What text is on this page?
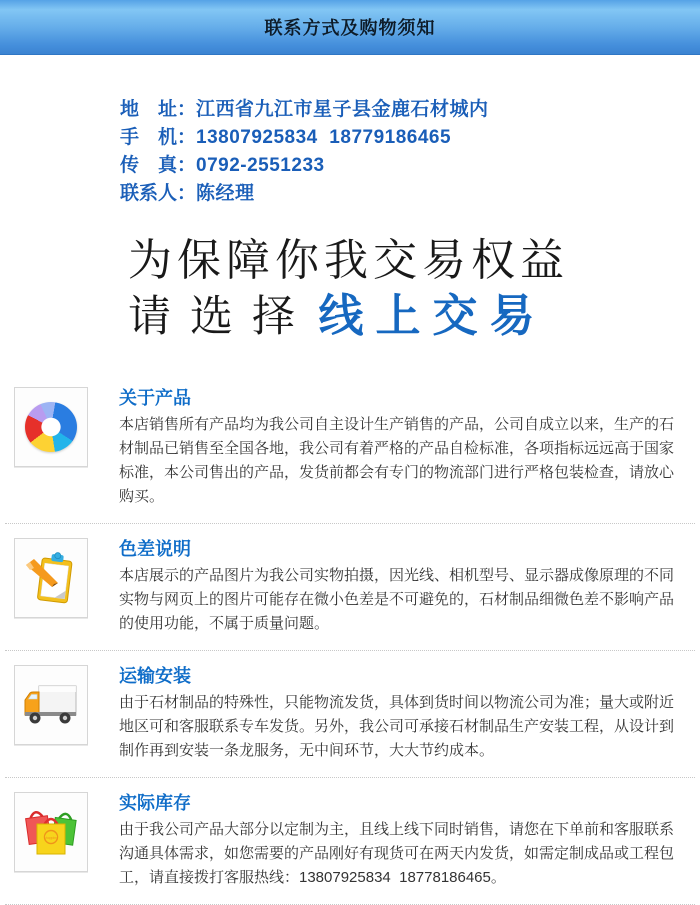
联系方式及购物须知
地　址： 江西省九江市星子县金鹿石材城内
手　机： 13807925834  18779186465
传　真： 0792-2551233
联系人： 陈经理
为保障你我交易权益
请选择 线上交易
关于产品
本店销售所有产品均为我公司自主设计生产销售的产品，公司自成立以来，生产的石材制品已销售至全国各地，我公司有着严格的产品自检标准，各项指标远远高于国家标准，本公司售出的产品，发货前都会有专门的物流部门进行严格包装检查，请放心购买。
色差说明
本店展示的产品图片为我公司实物拍摄，因光线、相机型号、显示器成像原理的不同实物与网页上的图片可能存在微小色差是不可避免的，石材制品细微色差不影响产品的使用功能，不属于质量问题。
运输安装
由于石材制品的特殊性，只能物流发货，具体到货时间以物流公司为准；量大或附近地区可和客服联系专车发货。另外，我公司可承接石材制品生产安装工程，从设计到制作再到安装一条龙服务，无中间环节，大大节约成本。
shopping
实际库存
由于我公司产品大部分以定制为主，且线上线下同时销售，请您在下单前和客服联系沟通具体需求，如您需要的产品刚好有现货可在两天内发货，如需定制成品或工程包工，请直接拨打客服热线：13807925834  18778186465。
